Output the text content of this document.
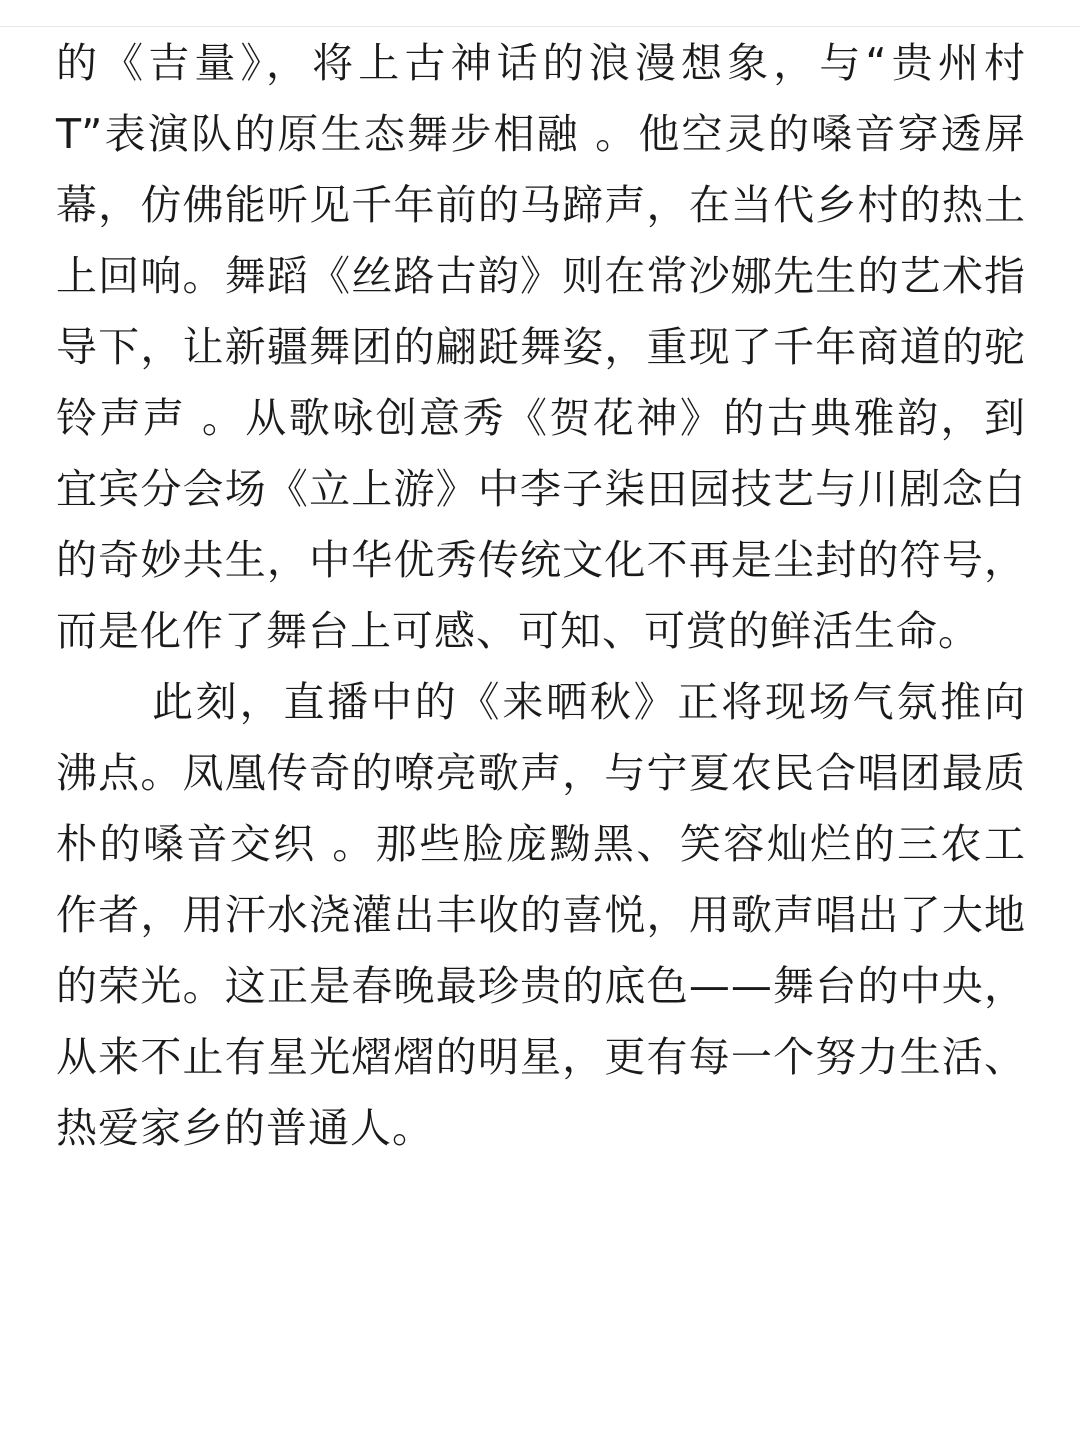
的《吉量》，将上古神话的浪漫想象，与“贵州村 T”表演队的原生态舞步相融 。他空灵的嗓音穿透屏幕，仿佛能听见千年前的马蹄声，在当代乡村的热土上回响。舞蹈《丝路古韵》则在常沙娜先生的艺术指导下，让新疆舞团的翩跹舞姿，重现了千年商道的驼铃声声 。从歌咏创意秀《贺花神》的古典雅韵，到宜宾分会场《立上游》中李子柒田园技艺与川剧念白的奇妙共生，中华优秀传统文化不再是尘封的符号，而是化作了舞台上可感、可知、可赏的鲜活生命。

此刻，直播中的《来晒秋》正将现场气氛推向沸点。凤凰传奇的嘹亮歌声，与宁夏农民合唱团最质朴的嗓音交织 。那些脸庞黝黑、笑容灿烂的三农工作者，用汗水浇灌出丰收的喜悦，用歌声唱出了大地的荣光。这正是春晚最珍贵的底色——舞台的中央，从来不止有星光熠熠的明星，更有每一个努力生活、热爱家乡的普通人。
